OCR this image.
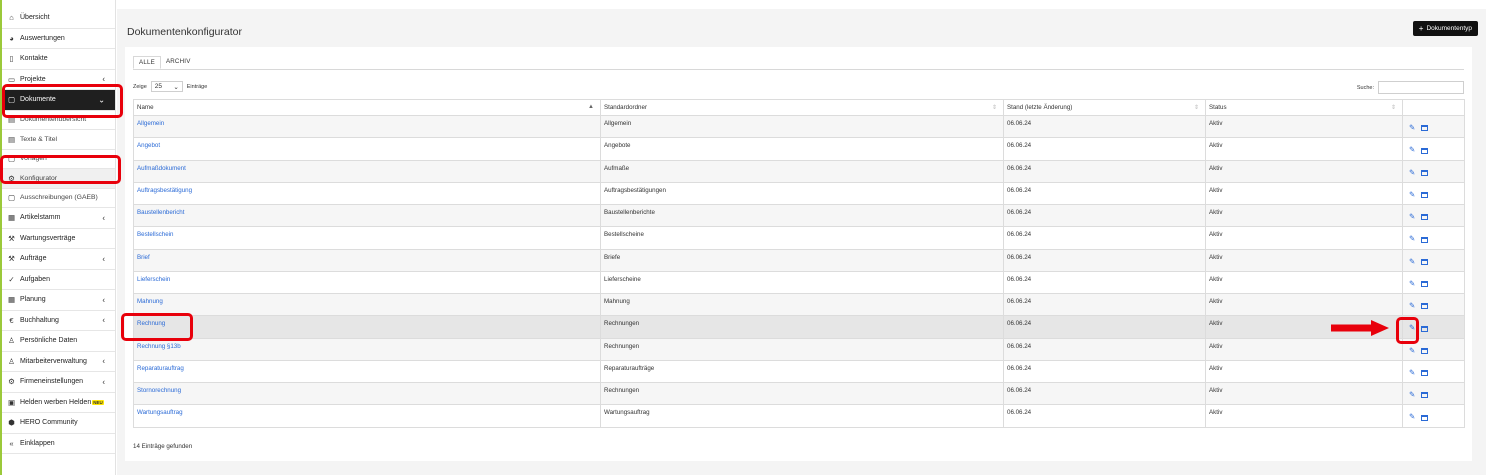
⌂ Übersicht
◕ Auswertungen
▯ Kontakte
▭ Projekte	‹
▢ Dokumente	⌄
▤ Dokumentenübersicht
▤ Texte & Titel
▢ Vorlagen
⚙ Konfigurator
▢ Ausschreibungen (GAEB)
▦ Artikelstamm	‹
⚒ Wartungsverträge
⚒ Aufträge	‹
✓ Aufgaben
▦ Planung	‹
€ Buchhaltung	‹
♙ Persönliche Daten
♙ Mitarbeiterverwaltung ‹
⚙ Firmeneinstellungen ‹
▣ Helden werben Helden NEU
⬢ HERO Community
« Einklappen
Dokumentenkonfigurator	+ Dokumententyp
ALLE	ARCHIV
Zeige 25 ⌄ Einträge	Suche:
Name ▲	Standardordner ⇕	Stand (letzte Änderung) ⇕	Status ⇕	

Allgemein	Allgemein	06.06.24	Aktiv	✎
Angebot	Angebote	06.06.24	Aktiv	✎
Aufmaßdokument	Aufmaße	06.06.24	Aktiv	✎
Auftragsbestätigung	Auftragsbestätigungen	06.06.24	Aktiv	✎
Baustellenbericht	Baustellenberichte	06.06.24	Aktiv	✎
Bestellschein	Bestellscheine	06.06.24	Aktiv	✎
Brief	Briefe	06.06.24	Aktiv	✎
Lieferschein	Lieferscheine	06.06.24	Aktiv	✎
Mahnung	Mahnung	06.06.24	Aktiv	✎
Rechnung	Rechnungen	06.06.24	Aktiv	✎
Rechnung §13b	Rechnungen	06.06.24	Aktiv	✎
Reparaturauftrag	Reparaturaufträge	06.06.24	Aktiv	✎
Stornorechnung	Rechnungen	06.06.24	Aktiv	✎
Wartungsauftrag	Wartungsauftrag	06.06.24	Aktiv	✎
14 Einträge gefunden
